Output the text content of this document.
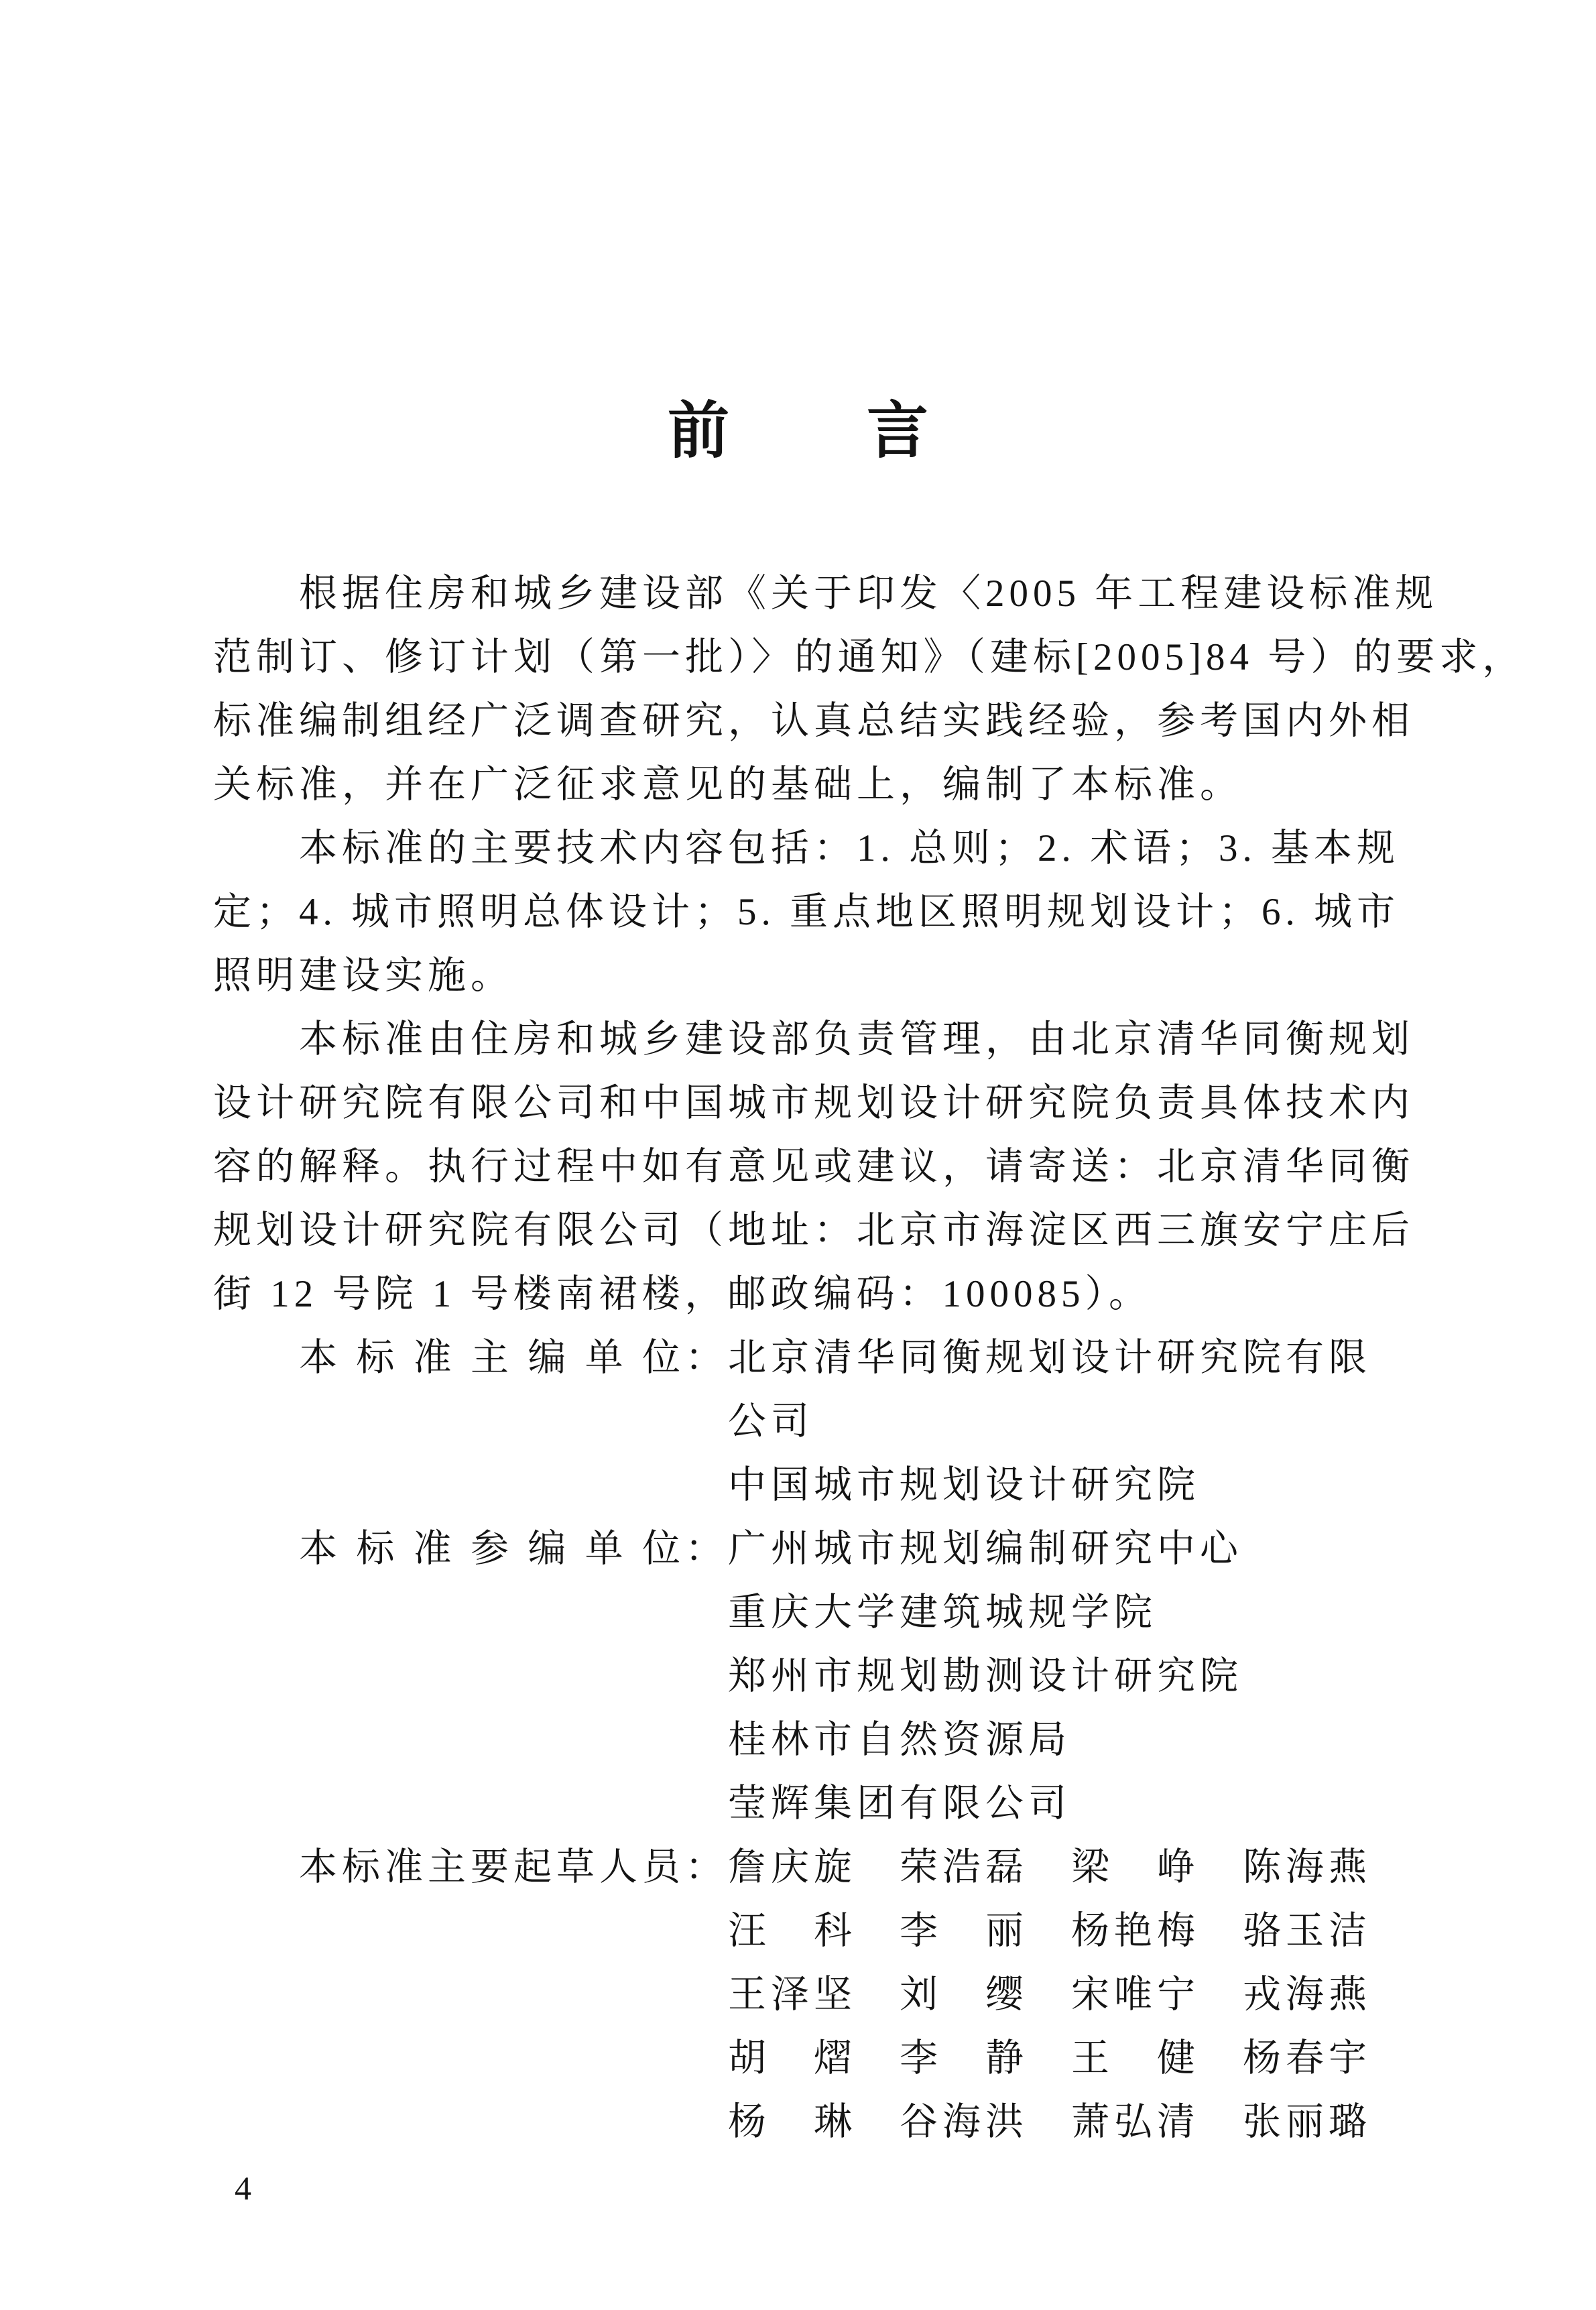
前 言
根据住房和城乡建设部《关于印发〈2005 年工程建设标准规
范制订、修订计划（第一批）〉的通知》（建标[2005]84 号）的要求，
标准编制组经广泛调查研究，认真总结实践经验，参考国内外相
关标准，并在广泛征求意见的基础上，编制了本标准。
本标准的主要技术内容包括：1. 总则；2. 术语；3. 基本规
定；4. 城市照明总体设计；5. 重点地区照明规划设计；6. 城市
照明建设实施。
本标准由住房和城乡建设部负责管理，由北京清华同衡规划
设计研究院有限公司和中国城市规划设计研究院负责具体技术内
容的解释。执行过程中如有意见或建议，请寄送：北京清华同衡
规划设计研究院有限公司（地址：北京市海淀区西三旗安宁庄后
街 12 号院 1 号楼南裙楼，邮政编码：100085）。
本标准主编单位：北京清华同衡规划设计研究院有限
公司
中国城市规划设计研究院
本标准参编单位：广州城市规划编制研究中心
重庆大学建筑城规学院
郑州市规划勘测设计研究院
桂林市自然资源局
莹辉集团有限公司
本标准主要起草人员：詹庆旋 荣浩磊 梁峥 陈海燕
汪科 李丽 杨艳梅 骆玉洁
王泽坚 刘缨 宋唯宁 戎海燕
胡熠 李静 王健 杨春宇
杨琳 谷海洪 萧弘清 张丽璐
4
